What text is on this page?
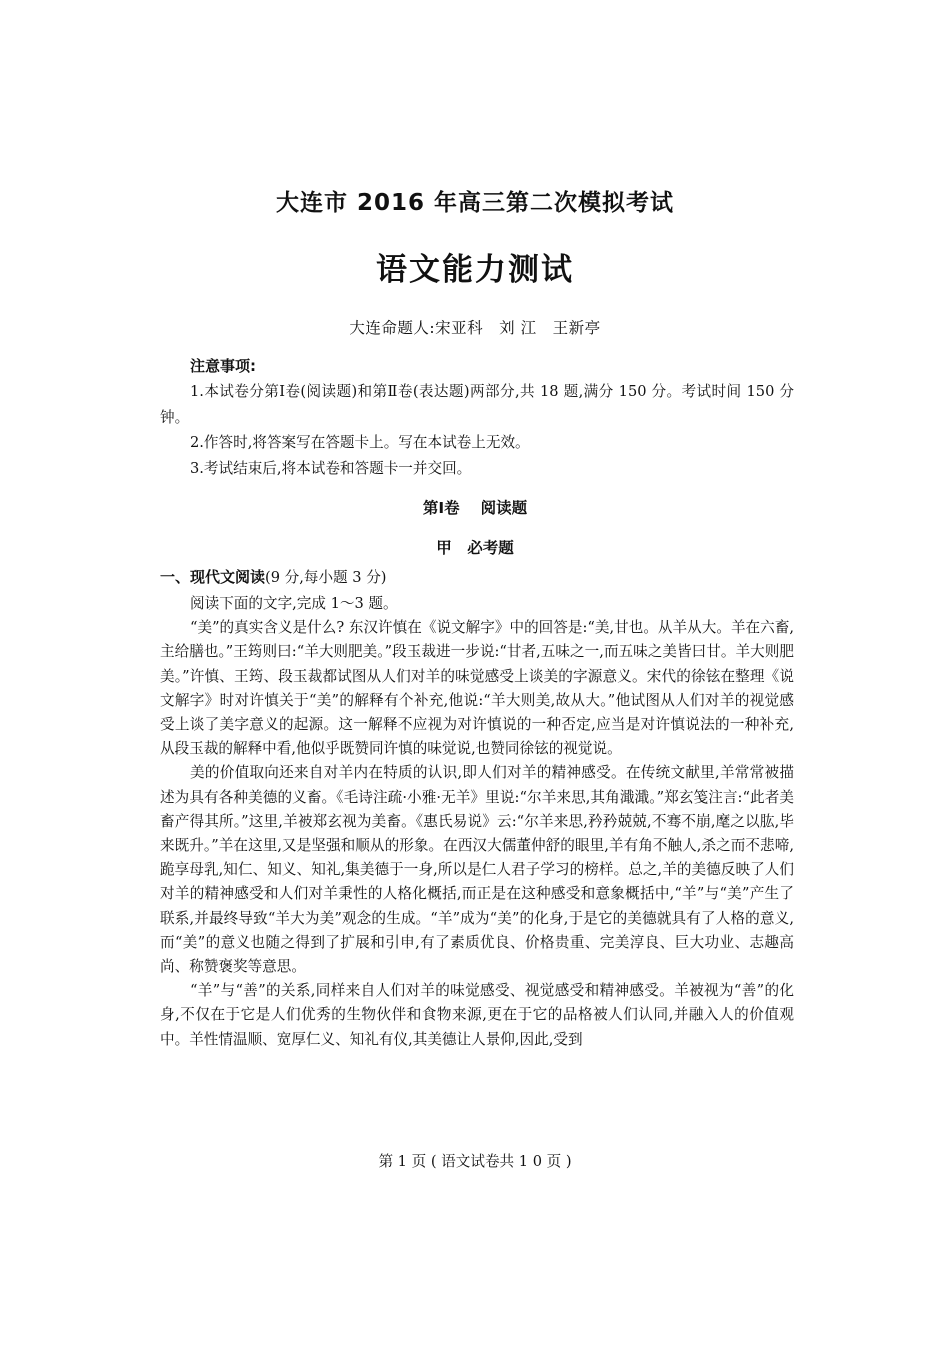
大连市 2016 年高三第二次模拟考试
语文能力测试
大连命题人:宋亚科　刘 江　王新亭
注意事项:

1.本试卷分第Ⅰ卷(阅读题)和第Ⅱ卷(表达题)两部分,共 18 题,满分 150 分。考试时间 150 分钟。

2.作答时,将答案写在答题卡上。写在本试卷上无效。

3.考试结束后,将本试卷和答题卡一并交回。

第Ⅰ卷　 阅读题
甲　必考题
一、现代文阅读(9 分,每小题 3 分)

阅读下面的文字,完成 1～3 题。

“美”的真实含义是什么? 东汉许慎在《说文解字》中的回答是:“美,甘也。从羊从大。羊在六畜,主给膳也。”王筠则曰:“羊大则肥美。”段玉裁进一步说:“甘者,五味之一,而五味之美皆曰甘。羊大则肥美。”许慎、王筠、段玉裁都试图从人们对羊的味觉感受上谈美的字源意义。宋代的徐铉在整理《说文解字》时对许慎关于“美”的解释有个补充,他说:“羊大则美,故从大。”他试图从人们对羊的视觉感受上谈了美字意义的起源。这一解释不应视为对许慎说的一种否定,应当是对许慎说法的一种补充,从段玉裁的解释中看,他似乎既赞同许慎的味觉说,也赞同徐铉的视觉说。

美的价值取向还来自对羊内在特质的认识,即人们对羊的精神感受。在传统文献里,羊常常被描述为具有各种美德的义畜。《毛诗注疏·小雅·无羊》里说:“尔羊来思,其角濈濈。”郑玄笺注言:“此者美畜产得其所。”这里,羊被郑玄视为美畜。《惠氏易说》云:“尔羊来思,矜矜兢兢,不骞不崩,麾之以肱,毕来既升。”羊在这里,又是坚强和顺从的形象。在西汉大儒董仲舒的眼里,羊有角不触人,杀之而不悲啼,跪享母乳,知仁、知义、知礼,集美德于一身,所以是仁人君子学习的榜样。总之,羊的美德反映了人们对羊的精神感受和人们对羊秉性的人格化概括,而正是在这种感受和意象概括中,“羊”与“美”产生了联系,并最终导致“羊大为美”观念的生成。“羊”成为“美”的化身,于是它的美德就具有了人格的意义,而“美”的意义也随之得到了扩展和引申,有了素质优良、价格贵重、完美淳良、巨大功业、志趣高尚、称赞褒奖等意思。

“羊”与“善”的关系,同样来自人们对羊的味觉感受、视觉感受和精神感受。羊被视为“善”的化身,不仅在于它是人们优秀的生物伙伴和食物来源,更在于它的品格被人们认同,并融入人的价值观中。羊性情温顺、宽厚仁义、知礼有仪,其美德让人景仰,因此,受到

第 1 页 ( 语文试卷共 1 0 页 )
